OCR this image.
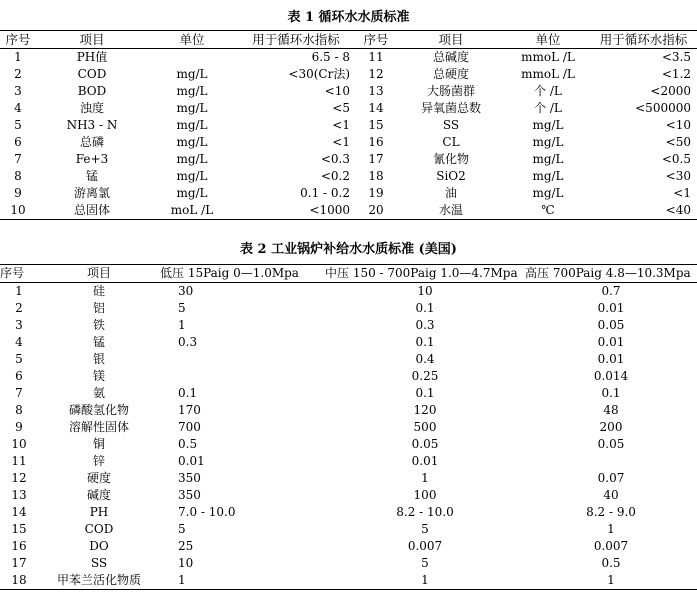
表 1 循环水水质标准
序号	项目	单位	用于循环水指标	序号	项目	单位	用于循环水指标
1	PH值		6.5 - 8	11	总碱度	mmoL /L	<3.5
2	COD	mg/L	<30(Cr法)	12	总硬度	mmoL /L	<1.2
3	BOD	mg/L	<10	13	大肠菌群	个 /L	<2000
4	浊度	mg/L	<5	14	异氧菌总数	个 /L	<500000
5	NH3 - N	mg/L	<1	15	SS	mg/L	<10
6	总磷	mg/L	<1	16	CL	mg/L	<50
7	Fe+3	mg/L	<0.3	17	氰化物	mg/L	<0.5
8	锰	mg/L	<0.2	18	SiO2	mg/L	<30
9	游离氯	mg/L	0.1 - 0.2	19	油	mg/L	<1
10	总固体	moL /L	<1000	20	水温	℃	<40
表 2 工业锅炉补给水水质标准 (美国)
序号	项目	低压 15Paig 0—1.0Mpa	中压 150 - 700Paig 1.0—4.7Mpa	高压 700Paig 4.8—10.3Mpa
1	硅	30	10	0.7
2	铝	5	0.1	0.01
3	铁	1	0.3	0.05
4	锰	0.3	0.1	0.01
5	银		0.4	0.01
6	镁		0.25	0.014
7	氨	0.1	0.1	0.1
8	磷酸氢化物	170	120	48
9	溶解性固体	700	500	200
10	铜	0.5	0.05	0.05
11	锌	0.01	0.01	
12	硬度	350	1	0.07
13	碱度	350	100	40
14	PH	7.0 - 10.0	8.2 - 10.0	8.2 - 9.0
15	COD	5	5	1
16	DO	25	0.007	0.007
17	SS	10	5	0.5
18	甲苯兰活化物质	1	1	1
